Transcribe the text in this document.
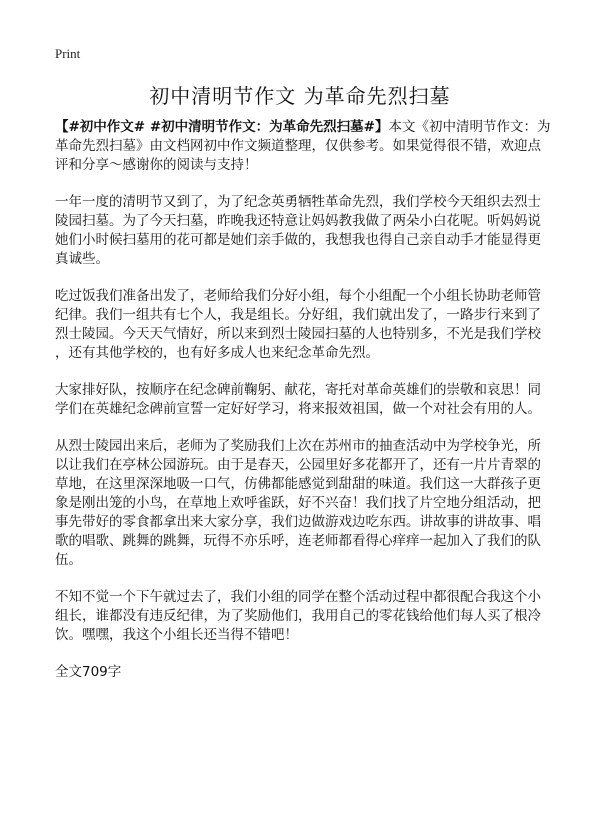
Print
初中清明节作文 为革命先烈扫墓

【#初中作文# #初中清明节作文：为革命先烈扫墓#】本文《初中清明节作文：为
革命先烈扫墓》由文档网初中作文频道整理，仅供参考。如果觉得很不错，欢迎点
评和分享～感谢你的阅读与支持！

一年一度的清明节又到了，为了纪念英勇牺牲革命先烈，我们学校今天组织去烈士
陵园扫墓。为了今天扫墓，昨晚我还特意让妈妈教我做了两朵小白花呢。听妈妈说
她们小时候扫墓用的花可都是她们亲手做的，我想我也得自己亲自动手才能显得更
真诚些。

吃过饭我们准备出发了，老师给我们分好小组，每个小组配一个小组长协助老师管
纪律。我们一组共有七个人，我是组长。分好组，我们就出发了，一路步行来到了
烈士陵园。今天天气情好，所以来到烈士陵园扫墓的人也特别多，不光是我们学校
，还有其他学校的，也有好多成人也来纪念革命先烈。

大家排好队，按顺序在纪念碑前鞠躬、献花，寄托对革命英雄们的崇敬和哀思！同
学们在英雄纪念碑前宣誓一定好好学习，将来报效祖国，做一个对社会有用的人。

从烈士陵园出来后，老师为了奖励我们上次在苏州市的抽查活动中为学校争光，所
以让我们在亭林公园游玩。由于是春天，公园里好多花都开了，还有一片片青翠的
草地，在这里深深地吸一口气，仿佛都能感觉到甜甜的味道。我们这一大群孩子更
象是刚出笼的小鸟，在草地上欢呼雀跃，好不兴奋！我们找了片空地分组活动，把
事先带好的零食都拿出来大家分享，我们边做游戏边吃东西。讲故事的讲故事、唱
歌的唱歌、跳舞的跳舞，玩得不亦乐呼，连老师都看得心痒痒一起加入了我们的队
伍。

不知不觉一个下午就过去了，我们小组的同学在整个活动过程中都很配合我这个小
组长，谁都没有违反纪律，为了奖励他们，我用自己的零花钱给他们每人买了根冷
饮。嘿嘿，我这个小组长还当得不错吧！

全文709字
